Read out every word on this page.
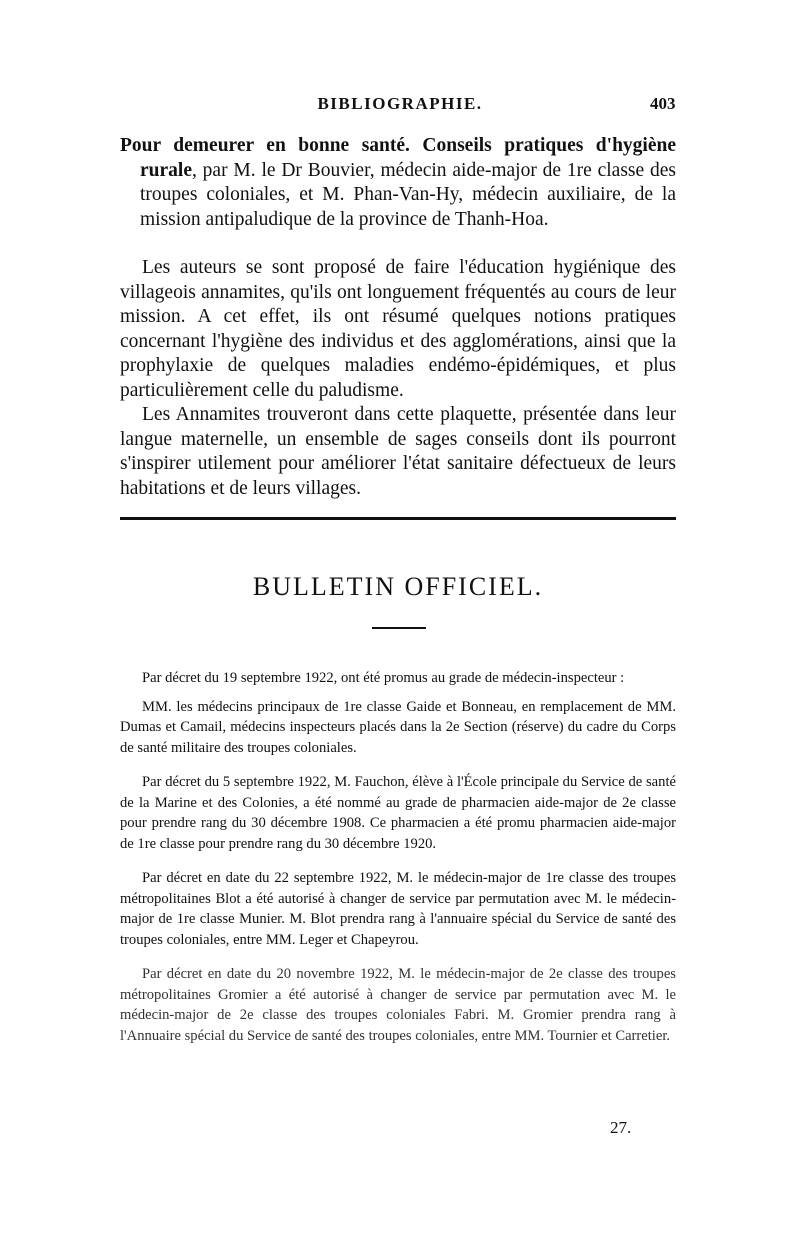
BIBLIOGRAPHIE.	403

Pour demeurer en bonne santé. Conseils pratiques d'hygiène rurale, par M. le Dr Bouvier, médecin aide-major de 1re classe des troupes coloniales, et M. Phan-Van-Hy, médecin auxiliaire, de la mission antipaludique de la province de Thanh-Hoa.

Les auteurs se sont proposé de faire l'éducation hygiénique des villageois annamites, qu'ils ont longuement fréquentés au cours de leur mission. A cet effet, ils ont résumé quelques notions pratiques concernant l'hygiène des individus et des agglomérations, ainsi que la prophylaxie de quelques maladies endémo-épidémiques, et plus particulièrement celle du paludisme.

Les Annamites trouveront dans cette plaquette, présentée dans leur langue maternelle, un ensemble de sages conseils dont ils pourront s'inspirer utilement pour améliorer l'état sanitaire défectueux de leurs habitations et de leurs villages.

BULLETIN OFFICIEL.

Par décret du 19 septembre 1922, ont été promus au grade de médecin-inspecteur :

MM. les médecins principaux de 1re classe Gaide et Bonneau, en remplacement de MM. Dumas et Camail, médecins inspecteurs placés dans la 2e Section (réserve) du cadre du Corps de santé militaire des troupes coloniales.

Par décret du 5 septembre 1922, M. Fauchon, élève à l'École principale du Service de santé de la Marine et des Colonies, a été nommé au grade de pharmacien aide-major de 2e classe pour prendre rang du 30 décembre 1908. Ce pharmacien a été promu pharmacien aide-major de 1re classe pour prendre rang du 30 décembre 1920.

Par décret en date du 22 septembre 1922, M. le médecin-major de 1re classe des troupes métropolitaines Blot a été autorisé à changer de service par permutation avec M. le médecin-major de 1re classe Munier. M. Blot prendra rang à l'annuaire spécial du Service de santé des troupes coloniales, entre MM. Leger et Chapeyrou.

Par décret en date du 20 novembre 1922, M. le médecin-major de 2e classe des troupes métropolitaines Gromier a été autorisé à changer de service par permutation avec M. le médecin-major de 2e classe des troupes coloniales Fabri. M. Gromier prendra rang à l'Annuaire spécial du Service de santé des troupes coloniales, entre MM. Tournier et Carretier.

27.
